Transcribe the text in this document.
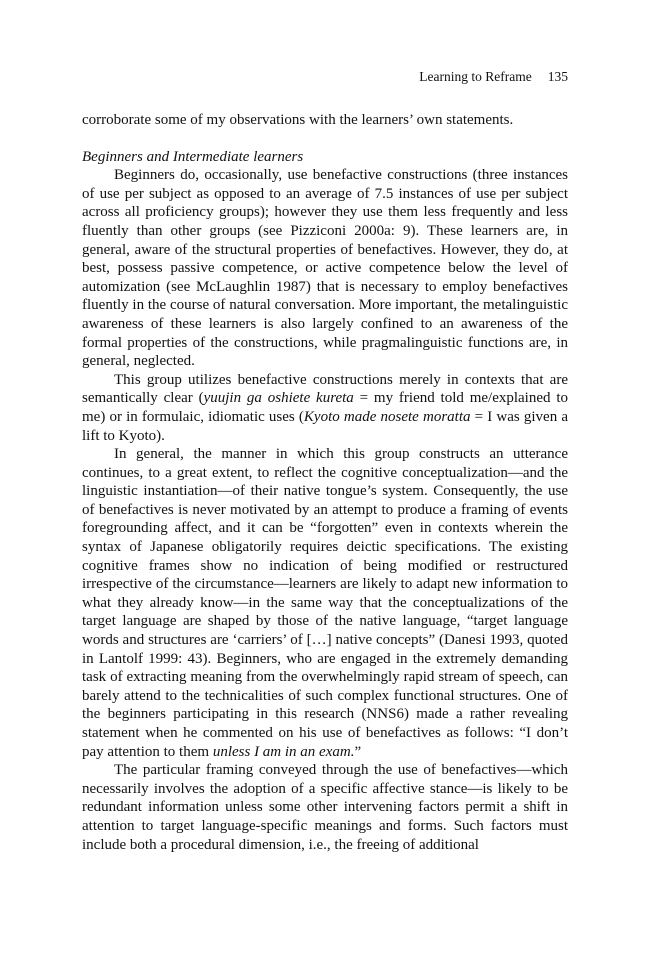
Learning to Reframe 135

corroborate some of my observations with the learners’ own statements.

Beginners and Intermediate learners

Beginners do, occasionally, use benefactive constructions (three instances of use per subject as opposed to an average of 7.5 instances of use per subject across all proficiency groups); however they use them less frequently and less fluently than other groups (see Pizziconi 2000a: 9). These learners are, in general, aware of the structural properties of benefactives. However, they do, at best, possess passive competence, or active competence below the level of automization (see McLaughlin 1987) that is necessary to employ benefactives fluently in the course of natural conversation. More important, the metalinguistic awareness of these learners is also largely confined to an awareness of the formal properties of the constructions, while pragmalinguistic functions are, in general, neglected.

This group utilizes benefactive constructions merely in contexts that are semantically clear (yuujin ga oshiete kureta = my friend told me/explained to me) or in formulaic, idiomatic uses (Kyoto made nosete moratta = I was given a lift to Kyoto).

In general, the manner in which this group constructs an utterance continues, to a great extent, to reflect the cognitive conceptualization—and the linguistic instantiation—of their native tongue’s system. Consequently, the use of benefactives is never motivated by an attempt to produce a framing of events foregrounding affect, and it can be “forgotten” even in contexts wherein the syntax of Japanese obligatorily requires deictic specifications. The existing cognitive frames show no indication of being modified or restructured irrespective of the circumstance—learners are likely to adapt new information to what they already know—in the same way that the conceptualizations of the target language are shaped by those of the native language, “target language words and structures are ‘carriers’ of […] native concepts” (Danesi 1993, quoted in Lantolf 1999: 43). Beginners, who are engaged in the extremely demanding task of extracting meaning from the overwhelmingly rapid stream of speech, can barely attend to the technicalities of such complex functional structures. One of the beginners participating in this research (NNS6) made a rather revealing statement when he commented on his use of benefactives as follows: “I don’t pay attention to them unless I am in an exam.”

The particular framing conveyed through the use of benefactives—which necessarily involves the adoption of a specific affective stance—is likely to be redundant information unless some other intervening factors permit a shift in attention to target language-specific meanings and forms. Such factors must include both a procedural dimension, i.e., the freeing of additional
